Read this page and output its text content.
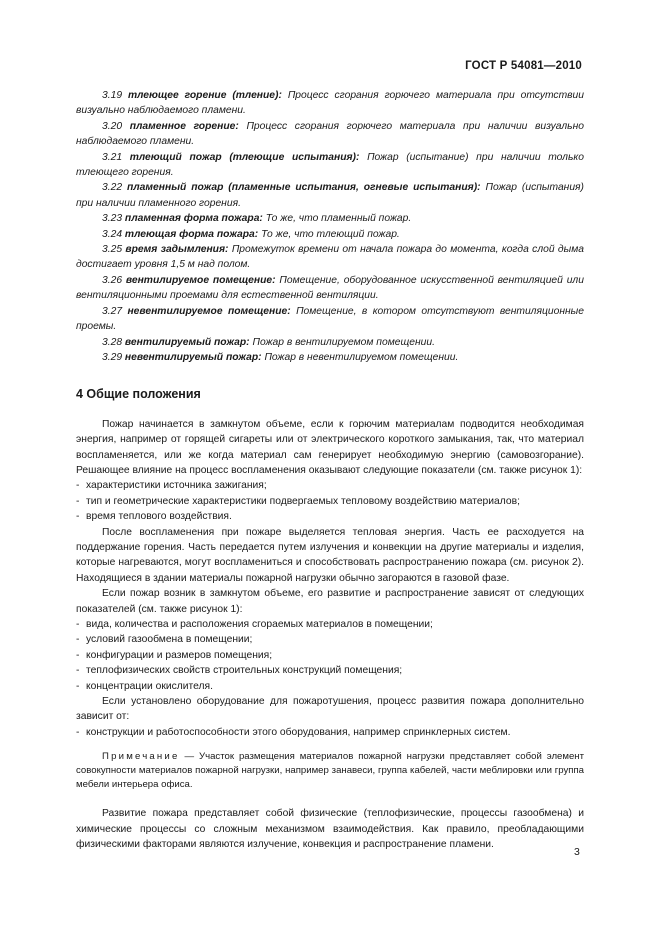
ГОСТ Р 54081—2010

3.19 тлеющее горение (тление): Процесс сгорания горючего материала при отсутствии визуально наблюдаемого пламени.

3.20 пламенное горение: Процесс сгорания горючего материала при наличии визуально наблюдаемого пламени.

3.21 тлеющий пожар (тлеющие испытания): Пожар (испытание) при наличии только тлеющего горения.

3.22 пламенный пожар (пламенные испытания, огневые испытания): Пожар (испытания) при наличии пламенного горения.

3.23 пламенная форма пожара: То же, что пламенный пожар.

3.24 тлеющая форма пожара: То же, что тлеющий пожар.

3.25 время задымления: Промежуток времени от начала пожара до момента, когда слой дыма достигает уровня 1,5 м над полом.

3.26 вентилируемое помещение: Помещение, оборудованное искусственной вентиляцией или вентиляционными проемами для естественной вентиляции.

3.27 невентилируемое помещение: Помещение, в котором отсутствуют вентиляционные проемы.

3.28 вентилируемый пожар: Пожар в вентилируемом помещении.

3.29 невентилируемый пожар: Пожар в невентилируемом помещении.

4 Общие положения

Пожар начинается в замкнутом объеме, если к горючим материалам подводится необходимая энергия, например от горящей сигареты или от электрического короткого замыкания, так, что материал воспламеняется, или же когда материал сам генерирует необходимую энергию (самовозгорание). Решающее влияние на процесс воспламенения оказывают следующие показатели (см. также рисунок 1):

- характеристики источника зажигания;
- тип и геометрические характеристики подвергаемых тепловому воздействию материалов;
- время теплового воздействия.

После воспламенения при пожаре выделяется тепловая энергия. Часть ее расходуется на поддержание горения. Часть передается путем излучения и конвекции на другие материалы и изделия, которые нагреваются, могут воспламениться и способствовать распространению пожара (см. рисунок 2). Находящиеся в здании материалы пожарной нагрузки обычно загораются в газовой фазе.

Если пожар возник в замкнутом объеме, его развитие и распространение зависят от следующих показателей (см. также рисунок 1):

- вида, количества и расположения сгораемых материалов в помещении;
- условий газообмена в помещении;
- конфигурации и размеров помещения;
- теплофизических свойств строительных конструкций помещения;
- концентрации окислителя.

Если установлено оборудование для пожаротушения, процесс развития пожара дополнительно зависит от:

- конструкции и работоспособности этого оборудования, например спринклерных систем.

Примечание — Участок размещения материалов пожарной нагрузки представляет собой элемент совокупности материалов пожарной нагрузки, например занавеси, группа кабелей, части меблировки или группа мебели интерьера офиса.

Развитие пожара представляет собой физические (теплофизические, процессы газообмена) и химические процессы со сложным механизмом взаимодействия. Как правило, преобладающими физическими факторами являются излучение, конвекция и распространение пламени.

3
